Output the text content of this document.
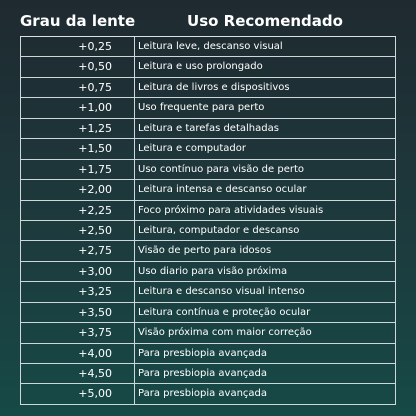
Grau da lente	Uso Recomendado
+0,25	Leitura leve, descanso visual
+0,50	Leitura e uso prolongado
+0,75	Leitura de livros e dispositivos
+1,00	Uso frequente para perto
+1,25	Leitura e tarefas detalhadas
+1,50	Leitura e computador
+1,75	Uso contínuo para visão de perto
+2,00	Leitura intensa e descanso ocular
+2,25	Foco próximo para atividades visuais
+2,50	Leitura, computador e descanso
+2,75	Visão de perto para idosos
+3,00	Uso diario para visão próxima
+3,25	Leitura e descanso visual intenso
+3,50	Leitura contínua e proteção ocular
+3,75	Visão próxima com maior correção
+4,00	Para presbiopia avançada
+4,50	Para presbiopia avançada
+5,00	Para presbiopia avançada
